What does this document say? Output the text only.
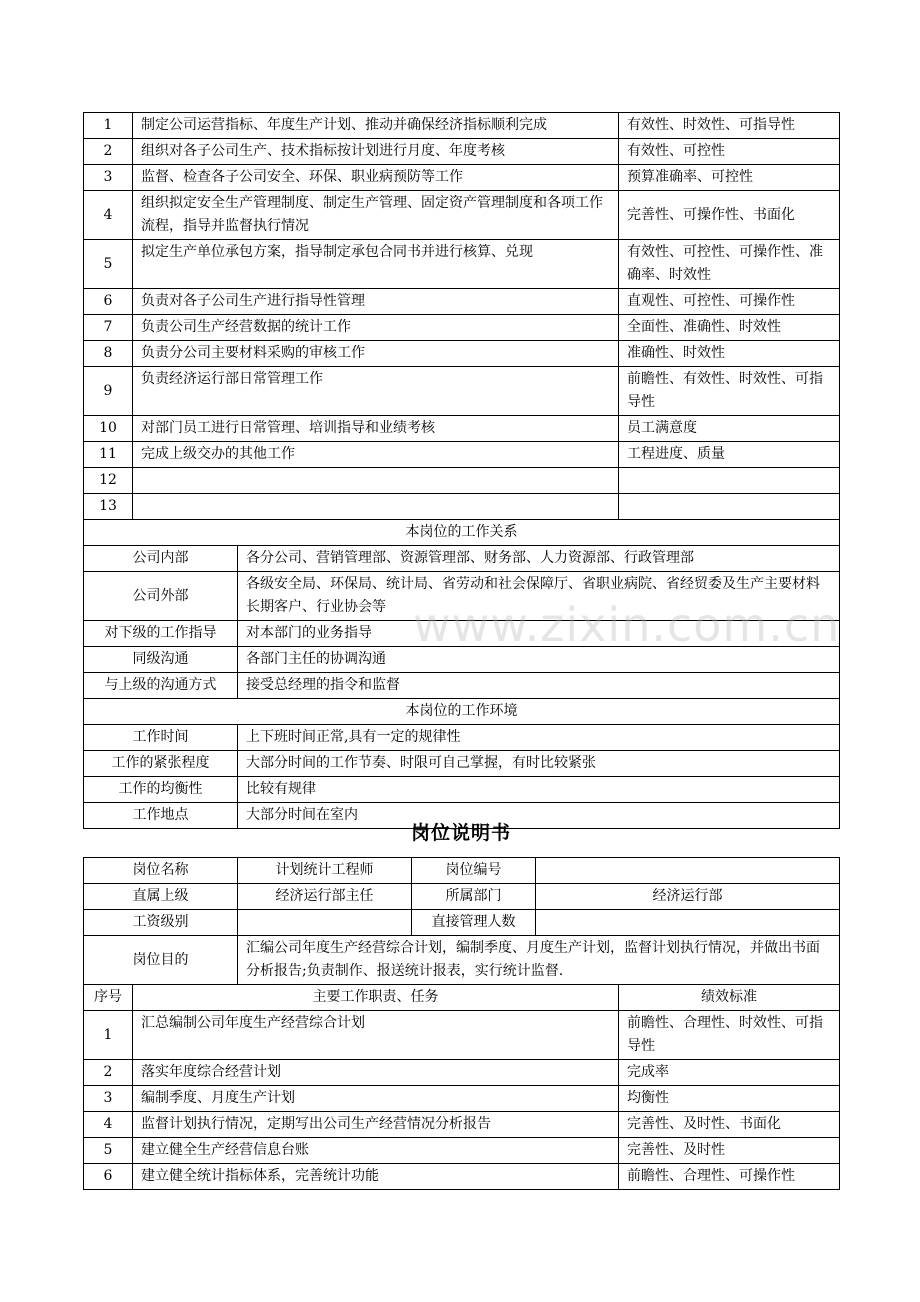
1	制定公司运营指标、年度生产计划、推动并确保经济指标顺利完成		有效性、时效性、可指导性
2	组织对各子公司生产、技术指标按计划进行月度、年度考核		有效性、可控性
3	监督、检查各子公司安全、环保、职业病预防等工作		预算准确率、可控性
4	组织拟定安全生产管理制度、制定生产管理、固定资产管理制度和各项工作流程，指导并监督执行情况		完善性、可操作性、书面化
5	拟定生产单位承包方案，指导制定承包合同书并进行核算、兑现		有效性、可控性、可操作性、准确率、时效性
6	负责对各子公司生产进行指导性管理		直观性、可控性、可操作性
7	负责公司生产经营数据的统计工作		全面性、准确性、时效性
8	负责分公司主要材料采购的审核工作		准确性、时效性
9	负责经济运行部日常管理工作		前瞻性、有效性、时效性、可指导性
10	对部门员工进行日常管理、培训指导和业绩考核		员工满意度
11	完成上级交办的其他工作		工程进度、质量
12			
13			
本岗位的工作关系			
公司内部		各分公司、营销管理部、资源管理部、财务部、人力资源部、行政管理部	
公司外部		各级安全局、环保局、统计局、省劳动和社会保障厅、省职业病院、省经贸委及生产主要材料长期客户、行业协会等	
对下级的工作指导		对本部门的业务指导	
同级沟通		各部门主任的协调沟通	
与上级的沟通方式		接受总经理的指令和监督	
本岗位的工作环境			
工作时间		上下班时间正常,具有一定的规律性	
工作的紧张程度		大部分时间的工作节奏、时限可自己掌握，有时比较紧张	
工作的均衡性		比较有规律	
工作地点		大部分时间在室内	
www.zixin.com.cn
岗位说明书
岗位名称		计划统计工程师	岗位编号		
直属上级		经济运行部主任	所属部门	经济运行部	
工资级别			直接管理人数		
岗位目的		汇编公司年度生产经营综合计划，编制季度、月度生产计划，监督计划执行情况，并做出书面分析报告;负责制作、报送统计报表，实行统计监督.			
序号	主要工作职责、任务				绩效标准
1	汇总编制公司年度生产经营综合计划				前瞻性、合理性、时效性、可指导性
2	落实年度综合经营计划				完成率
3	编制季度、月度生产计划				均衡性
4	监督计划执行情况，定期写出公司生产经营情况分析报告				完善性、及时性、书面化
5	建立健全生产经营信息台账				完善性、及时性
6	建立健全统计指标体系，完善统计功能				前瞻性、合理性、可操作性
